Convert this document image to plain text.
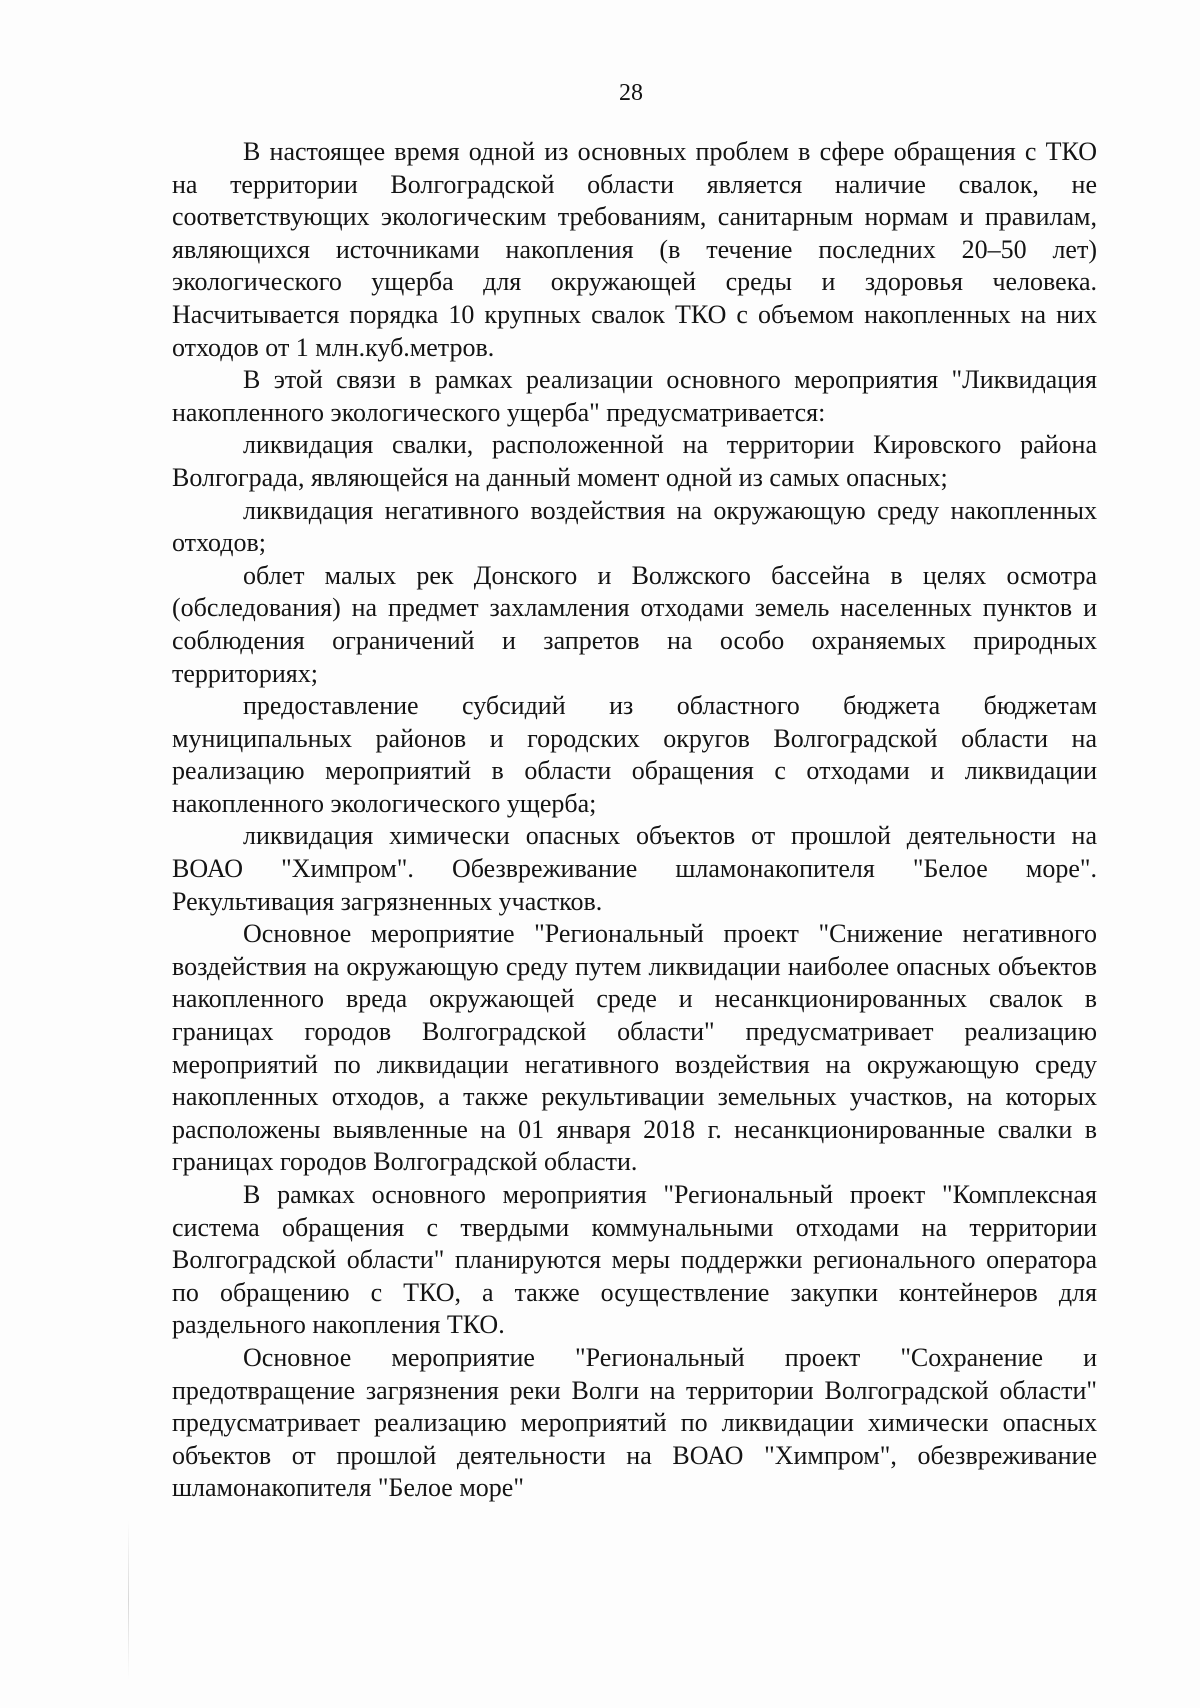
28

В настоящее время одной из основных проблем в сфере обращения с ТКО на территории Волгоградской области является наличие свалок, не соответствующих экологическим требованиям, санитарным нормам и правилам, являющихся источниками накопления (в течение последних 20–50 лет) экологического ущерба для окружающей среды и здоровья человека. Насчитывается порядка 10 крупных свалок ТКО с объемом накопленных на них отходов от 1 млн.куб.метров.

В этой связи в рамках реализации основного мероприятия "Ликвидация накопленного экологического ущерба" предусматривается:

ликвидация свалки, расположенной на территории Кировского района Волгограда, являющейся на данный момент одной из самых опасных;

ликвидация негативного воздействия на окружающую среду накопленных отходов;

облет малых рек Донского и Волжского бассейна в целях осмотра (обследования) на предмет захламления отходами земель населенных пунктов и соблюдения ограничений и запретов на особо охраняемых природных территориях;

предоставление субсидий из областного бюджета бюджетам муниципальных районов и городских округов Волгоградской области на реализацию мероприятий в области обращения с отходами и ликвидации накопленного экологического ущерба;

ликвидация химически опасных объектов от прошлой деятельности на ВОАО "Химпром". Обезвреживание шламонакопителя "Белое море". Рекультивация загрязненных участков.

Основное мероприятие "Региональный проект "Снижение негативного воздействия на окружающую среду путем ликвидации наиболее опасных объектов накопленного вреда окружающей среде и несанкционированных свалок в границах городов Волгоградской области" предусматривает реализацию мероприятий по ликвидации негативного воздействия на окружающую среду накопленных отходов, а также рекультивации земельных участков, на которых расположены выявленные на 01 января 2018 г. несанкционированные свалки в границах городов Волгоградской области.

В рамках основного мероприятия "Региональный проект "Комплексная система обращения с твердыми коммунальными отходами на территории Волгоградской области" планируются меры поддержки регионального оператора по обращению с ТКО, а также осуществление закупки контейнеров для раздельного накопления ТКО.

Основное мероприятие "Региональный проект "Сохранение и предотвращение загрязнения реки Волги на территории Волгоградской области" предусматривает реализацию мероприятий по ликвидации химически опасных объектов от прошлой деятельности на ВОАО "Химпром", обезвреживание шламонакопителя "Белое море"
